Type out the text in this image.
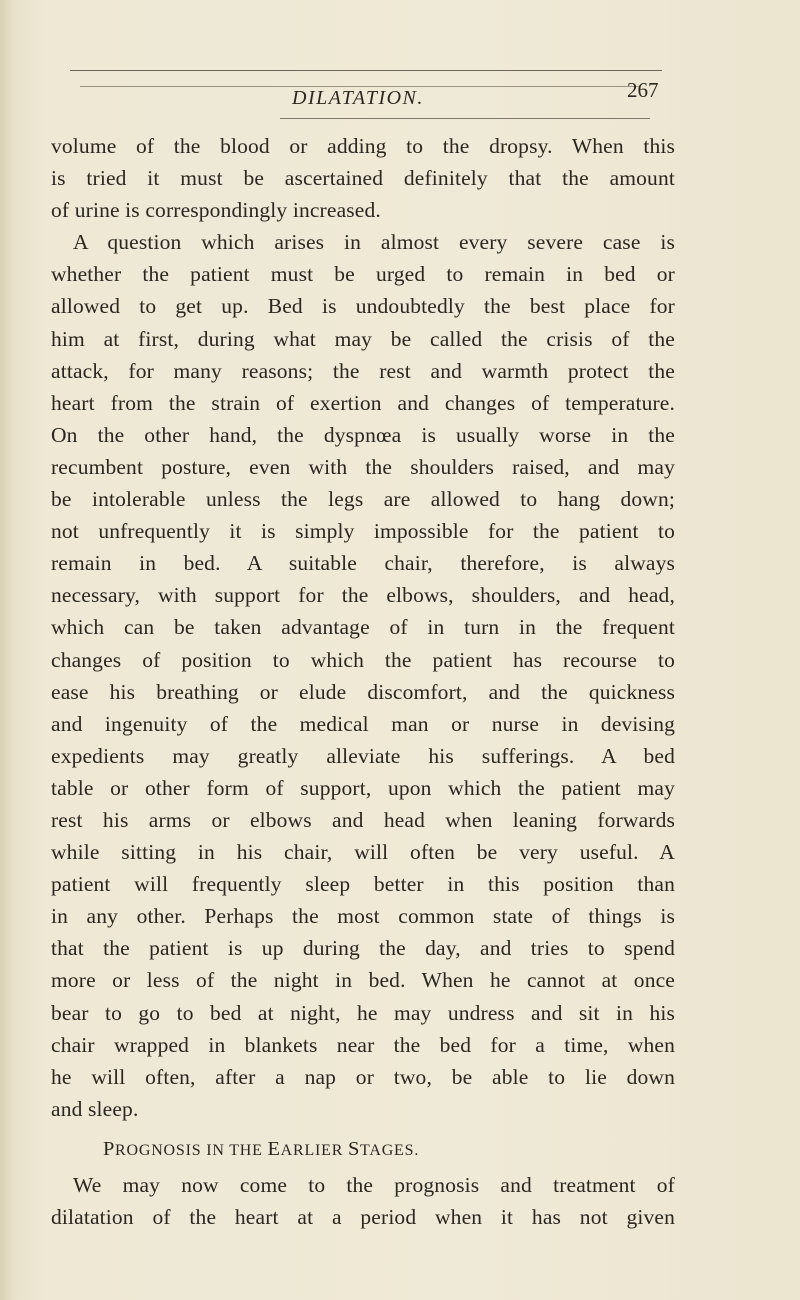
DILATATION.	267
volume of the blood or adding to the dropsy. When this
is tried it must be ascertained definitely that the amount
of urine is correspondingly increased.
A question which arises in almost every severe case is
whether the patient must be urged to remain in bed or
allowed to get up. Bed is undoubtedly the best place for
him at first, during what may be called the crisis of the
attack, for many reasons; the rest and warmth protect the
heart from the strain of exertion and changes of temperature.
On the other hand, the dyspnœa is usually worse in the
recumbent posture, even with the shoulders raised, and may
be intolerable unless the legs are allowed to hang down;
not unfrequently it is simply impossible for the patient to
remain in bed. A suitable chair, therefore, is always
necessary, with support for the elbows, shoulders, and head,
which can be taken advantage of in turn in the frequent
changes of position to which the patient has recourse to
ease his breathing or elude discomfort, and the quickness
and ingenuity of the medical man or nurse in devising
expedients may greatly alleviate his sufferings. A bed
table or other form of support, upon which the patient may
rest his arms or elbows and head when leaning forwards
while sitting in his chair, will often be very useful. A
patient will frequently sleep better in this position than
in any other. Perhaps the most common state of things is
that the patient is up during the day, and tries to spend
more or less of the night in bed. When he cannot at once
bear to go to bed at night, he may undress and sit in his
chair wrapped in blankets near the bed for a time, when
he will often, after a nap or two, be able to lie down
and sleep.
PROGNOSIS IN THE EARLIER STAGES.
We may now come to the prognosis and treatment of
dilatation of the heart at a period when it has not given
